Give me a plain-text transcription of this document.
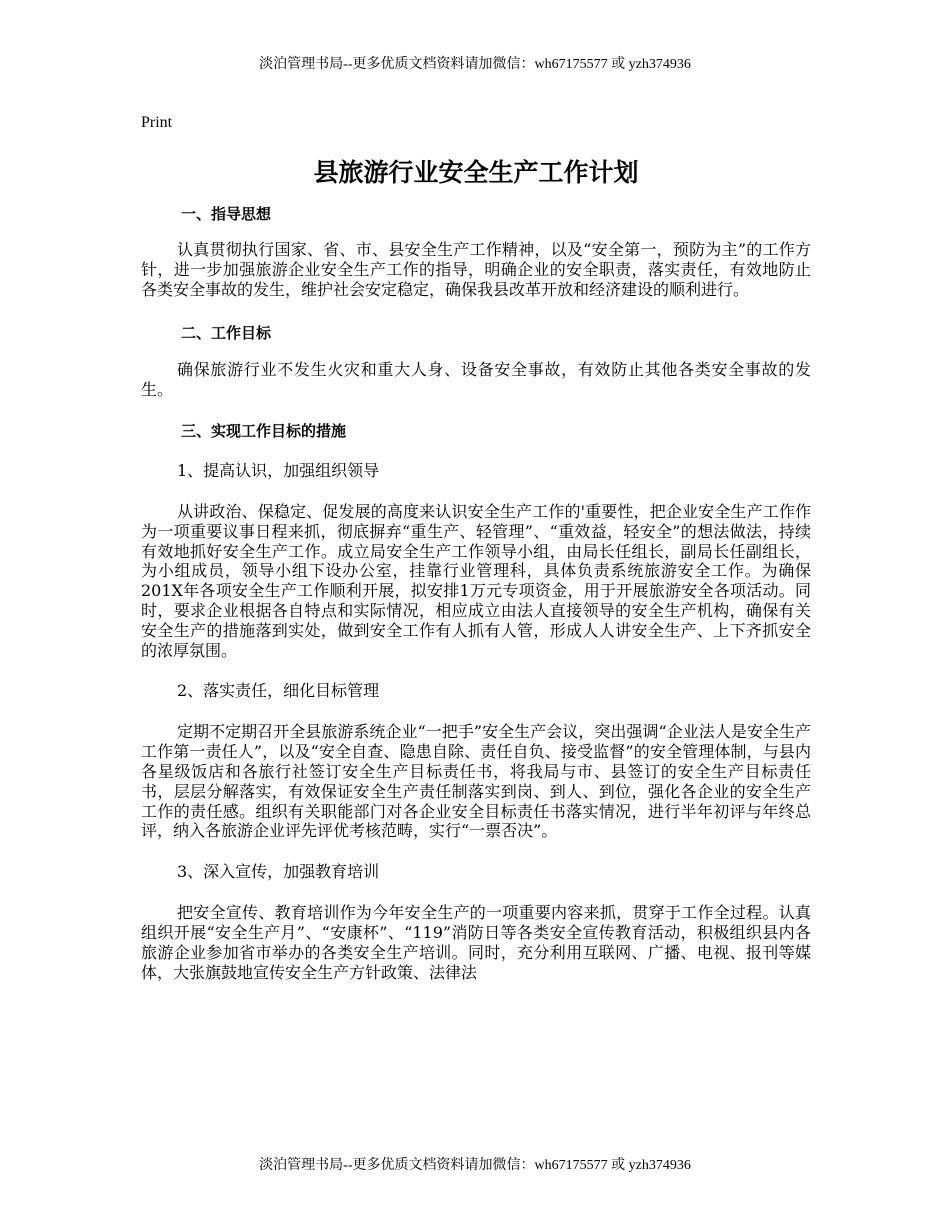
淡泊管理书局--更多优质文档资料请加微信：wh67175577 或 yzh374936

Print

县旅游行业安全生产工作计划
一、指导思想

认真贯彻执行国家、省、市、县安全生产工作精神，以及“安全第一，预防为主”的工作方针，进一步加强旅游企业安全生产工作的指导，明确企业的安全职责，落实责任，有效地防止各类安全事故的发生，维护社会安定稳定，确保我县改革开放和经济建设的顺利进行。

二、工作目标

确保旅游行业不发生火灾和重大人身、设备安全事故，有效防止其他各类安全事故的发生。

三、实现工作目标的措施

1、提高认识，加强组织领导

从讲政治、保稳定、促发展的高度来认识安全生产工作的'重要性，把企业安全生产工作作为一项重要议事日程来抓，彻底摒弃“重生产、轻管理”、“重效益，轻安全”的想法做法，持续有效地抓好安全生产工作。成立局安全生产工作领导小组，由局长任组长，副局长任副组长，为小组成员，领导小组下设办公室，挂靠行业管理科，具体负责系统旅游安全工作。为确保201X年各项安全生产工作顺利开展，拟安排1万元专项资金，用于开展旅游安全各项活动。同时，要求企业根据各自特点和实际情况，相应成立由法人直接领导的安全生产机构，确保有关安全生产的措施落到实处，做到安全工作有人抓有人管，形成人人讲安全生产、上下齐抓安全的浓厚氛围。

2、落实责任，细化目标管理

定期不定期召开全县旅游系统企业“一把手”安全生产会议，突出强调“企业法人是安全生产工作第一责任人”，以及“安全自查、隐患自除、责任自负、接受监督”的安全管理体制，与县内各星级饭店和各旅行社签订安全生产目标责任书，将我局与市、县签订的安全生产目标责任书，层层分解落实，有效保证安全生产责任制落实到岗、到人、到位，强化各企业的安全生产工作的责任感。组织有关职能部门对各企业安全目标责任书落实情况，进行半年初评与年终总评，纳入各旅游企业评先评优考核范畴，实行“一票否决”。

3、深入宣传，加强教育培训

把安全宣传、教育培训作为今年安全生产的一项重要内容来抓，贯穿于工作全过程。认真组织开展“安全生产月”、“安康杯”、“119”消防日等各类安全宣传教育活动，积极组织县内各旅游企业参加省市举办的各类安全生产培训。同时，充分利用互联网、广播、电视、报刊等媒体，大张旗鼓地宣传安全生产方针政策、法律法

淡泊管理书局--更多优质文档资料请加微信：wh67175577 或 yzh374936
